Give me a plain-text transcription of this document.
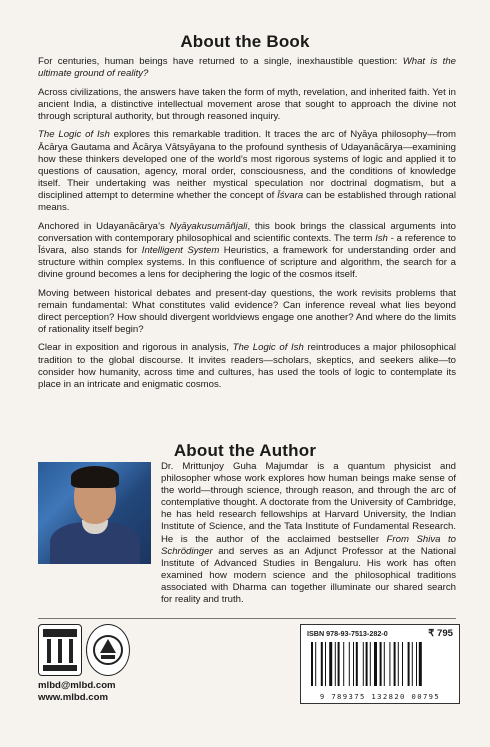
About the Book

For centuries, human beings have returned to a single, inexhaustible question: What is the ultimate ground of reality?

Across civilizations, the answers have taken the form of myth, revelation, and inherited faith. Yet in ancient India, a distinctive intellectual movement arose that sought to approach the divine not through scriptural authority, but through reasoned inquiry.

The Logic of Ish explores this remarkable tradition. It traces the arc of Nyāya philosophy—from Ācārya Gautama and Ācārya Vātsyāyana to the profound synthesis of Udayanācārya—examining how these thinkers developed one of the world’s most rigorous systems of logic and applied it to questions of causation, agency, moral order, consciousness, and the conditions of knowledge itself. Their undertaking was neither mystical speculation nor doctrinal dogmatism, but a disciplined attempt to determine whether the concept of Īśvara can be established through rational means.

Anchored in Udayanācārya’s Nyāyakusumāñjali, this book brings the classical arguments into conversation with contemporary philosophical and scientific contexts. The term Ish - a reference to Īśvara, also stands for Intelligent System Heuristics, a framework for understanding order and structure within complex systems. In this confluence of scripture and algorithm, the search for a divine ground becomes a lens for deciphering the logic of the cosmos itself.

Moving between historical debates and present-day questions, the work revisits problems that remain fundamental: What constitutes valid evidence? Can inference reveal what lies beyond direct perception? How should divergent worldviews engage one another? And where do the limits of rationality itself begin?

Clear in exposition and rigorous in analysis, The Logic of Ish reintroduces a major philosophical tradition to the global discourse. It invites readers—scholars, skeptics, and seekers alike—to consider how humanity, across time and cultures, has used the tools of logic to contemplate its place in an intricate and enigmatic cosmos.

About the Author
Dr. Mrittunjoy Guha Majumdar is a quantum physicist and philosopher whose work explores how human beings make sense of the world—through science, through reason, and through the arc of contemplative thought. A doctorate from the University of Cambridge, he has held research fellowships at Harvard University, the Indian Institute of Science, and the Tata Institute of Fundamental Research. He is the author of the acclaimed bestseller From Shiva to Schrödinger and serves as an Adjunct Professor at the National Institute of Advanced Studies in Bengaluru. His work has often examined how modern science and the philosophical traditions associated with Dharma can together illuminate our shared search for reality and truth.
mlbd@mlbd.com
www.mlbd.com
ISBN 978-93-7513-282-0	₹ 795
9 789375 132820 00795
